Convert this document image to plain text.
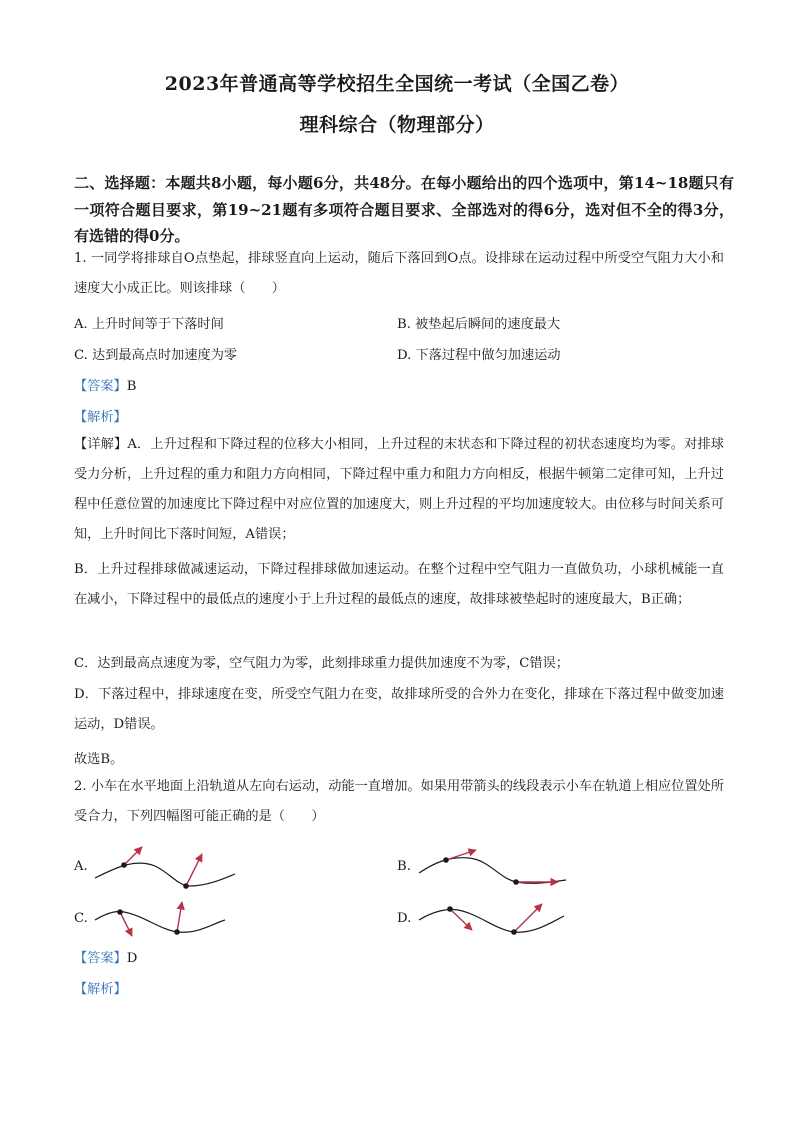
2023年普通高等学校招生全国统一考试（全国乙卷）
理科综合（物理部分）
二、选择题：本题共8小题，每小题6分，共48分。在每小题给出的四个选项中，第14~18题只有一项符合题目要求，第19~21题有多项符合题目要求、全部选对的得6分，选对但不全的得3分，有选错的得0分。
1. 一同学将排球自O点垫起，排球竖直向上运动，随后下落回到O点。设排球在运动过程中所受空气阻力大小和速度大小成正比。则该排球（　　）
A. 上升时间等于下落时间	B. 被垫起后瞬间的速度最大
C. 达到最高点时加速度为零	D. 下落过程中做匀加速运动
【答案】B
【解析】
【详解】A．上升过程和下降过程的位移大小相同，上升过程的末状态和下降过程的初状态速度均为零。对排球受力分析，上升过程的重力和阻力方向相同，下降过程中重力和阻力方向相反，根据牛顿第二定律可知，上升过程中任意位置的加速度比下降过程中对应位置的加速度大，则上升过程的平均加速度较大。由位移与时间关系可知，上升时间比下落时间短，A错误；
B．上升过程排球做减速运动，下降过程排球做加速运动。在整个过程中空气阻力一直做负功，小球机械能一直在减小，下降过程中的最低点的速度小于上升过程的最低点的速度，故排球被垫起时的速度最大，B正确；
C．达到最高点速度为零，空气阻力为零，此刻排球重力提供加速度不为零，C错误；
D．下落过程中，排球速度在变，所受空气阻力在变，故排球所受的合外力在变化，排球在下落过程中做变加速运动，D错误。
故选B。
2. 小车在水平地面上沿轨道从左向右运动，动能一直增加。如果用带箭头的线段表示小车在轨道上相应位置处所受合力，下列四幅图可能正确的是（　　）
A.	B.
C.	D.
【答案】D
【解析】
